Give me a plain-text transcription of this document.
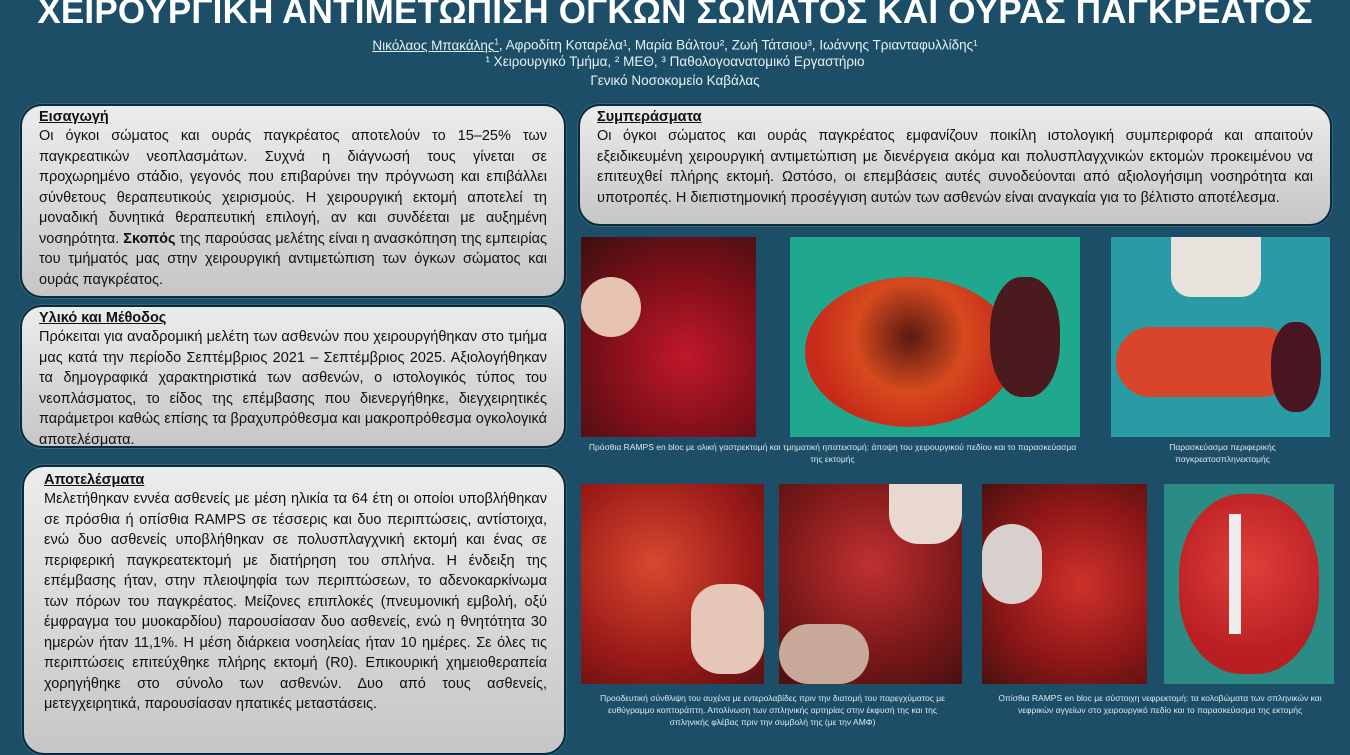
ΧΕΙΡΟΥΡΓΙΚΗ ΑΝΤΙΜΕΤΩΠΙΣΗ ΟΓΚΩΝ ΣΩΜΑΤΟΣ ΚΑΙ ΟΥΡΑΣ ΠΑΓΚΡΕΑΤΟΣ
Νικόλαος Μπακάλης$^1$, Αφροδίτη Κοταρέλα¹, Μαρία Βάλτου², Ζωή Τάτσιου³, Ιωάννης Τριανταφυλλίδης¹
¹ Χειρουργικό Τμήμα, ² ΜΕΘ, ³ Παθολογοανατομικό Εργαστήριο
Γενικό Νοσοκομείο Καβάλας
Εισαγωγή

Οι όγκοι σώματος και ουράς παγκρέατος αποτελούν το 15–25% των παγκρεατικών νεοπλασμάτων. Συχνά η διάγνωσή τους γίνεται σε προχωρημένο στάδιο, γεγονός που επιβαρύνει την πρόγνωση και επιβάλλει σύνθετους θεραπευτικούς χειρισμούς. Η χειρουργική εκτομή αποτελεί τη μοναδική δυνητικά θεραπευτική επιλογή, αν και συνδέεται με αυξημένη νοσηρότητα. Σκοπός της παρούσας μελέτης είναι η ανασκόπηση της εμπειρίας του τμήματός μας στην χειρουργική αντιμετώπιση των όγκων σώματος και ουράς παγκρέατος.

Υλικό και Μέθοδος

Πρόκειται για αναδρομική μελέτη των ασθενών που χειρουργήθηκαν στο τμήμα μας κατά την περίοδο Σεπτέμβριος 2021 – Σεπτέμβριος 2025. Αξιολογήθηκαν τα δημογραφικά χαρακτηριστικά των ασθενών, ο ιστολογικός τύπος του νεοπλάσματος, το είδος της επέμβασης που διενεργήθηκε, διεγχειρητικές παράμετροι καθώς επίσης τα βραχυπρόθεσμα και μακροπρόθεσμα ογκολογικά αποτελέσματα.

Αποτελέσματα

Μελετήθηκαν εννέα ασθενείς με μέση ηλικία τα 64 έτη οι οποίοι υποβλήθηκαν σε πρόσθια ή οπίσθια RAMPS σε τέσσερις και δυο περιπτώσεις, αντίστοιχα, ενώ δυο ασθενείς υποβλήθηκαν σε πολυσπλαγχνική εκτομή και ένας σε περιφερική παγκρεατεκτομή με διατήρηση του σπλήνα. Η ένδειξη της επέμβασης ήταν, στην πλειοψηφία των περιπτώσεων, το αδενοκαρκίνωμα των πόρων του παγκρέατος. Μείζονες επιπλοκές (πνευμονική εμβολή, οξύ έμφραγμα του μυοκαρδίου) παρουσίασαν δυο ασθενείς, ενώ η θνητότητα 30 ημερών ήταν 11,1%. Η μέση διάρκεια νοσηλείας ήταν 10 ημέρες. Σε όλες τις περιπτώσεις επιτεύχθηκε πλήρης εκτομή (R0). Επικουρική χημειοθεραπεία χορηγήθηκε στο σύνολο των ασθενών. Δυο από τους ασθενείς, μετεγχειρητικά, παρουσίασαν ηπατικές μεταστάσεις.

Συμπεράσματα

Οι όγκοι σώματος και ουράς παγκρέατος εμφανίζουν ποικίλη ιστολογική συμπεριφορά και απαιτούν εξειδικευμένη χειρουργική αντιμετώπιση με διενέργεια ακόμα και πολυσπλαγχνικών εκτομών προκειμένου να επιτευχθεί πλήρης εκτομή. Ωστόσο, οι επεμβάσεις αυτές συνοδεύονται από αξιολογήσιμη νοσηρότητα και υποτροπές. Η διεπιστημονική προσέγγιση αυτών των ασθενών είναι αναγκαία για το βέλτιστο αποτέλεσμα.

Πρόσθια RAMPS en bloc με ολική γαστρεκτομή και τμηματική ηπατεκτομή: άποψη του χειρουργικού πεδίου και το παρασκεύασμα της εκτομής
Παρασκεύασμα περιφερικής παγκρεατοσπληνεκτομής
Προοδευτική σύνθλιψη του αυχένα με εντερολαβίδες πριν την διατομή του παρεγχύματος με ευθύγραμμο κοπτοράπτη. Απολίνωση των σπληνικής αρτηρίας στην έκφυσή της και της σπληνικής φλέβας πριν την συμβολή της (με την ΑΜΦ)
Οπίσθια RAMPS en bloc με σύστοιχη νεφρεκτομή: τα κολοβώματα των σπληνικών και νεφρικών αγγείων στο χειρουργικό πεδίο και το παρασκεύασμα της εκτομής
